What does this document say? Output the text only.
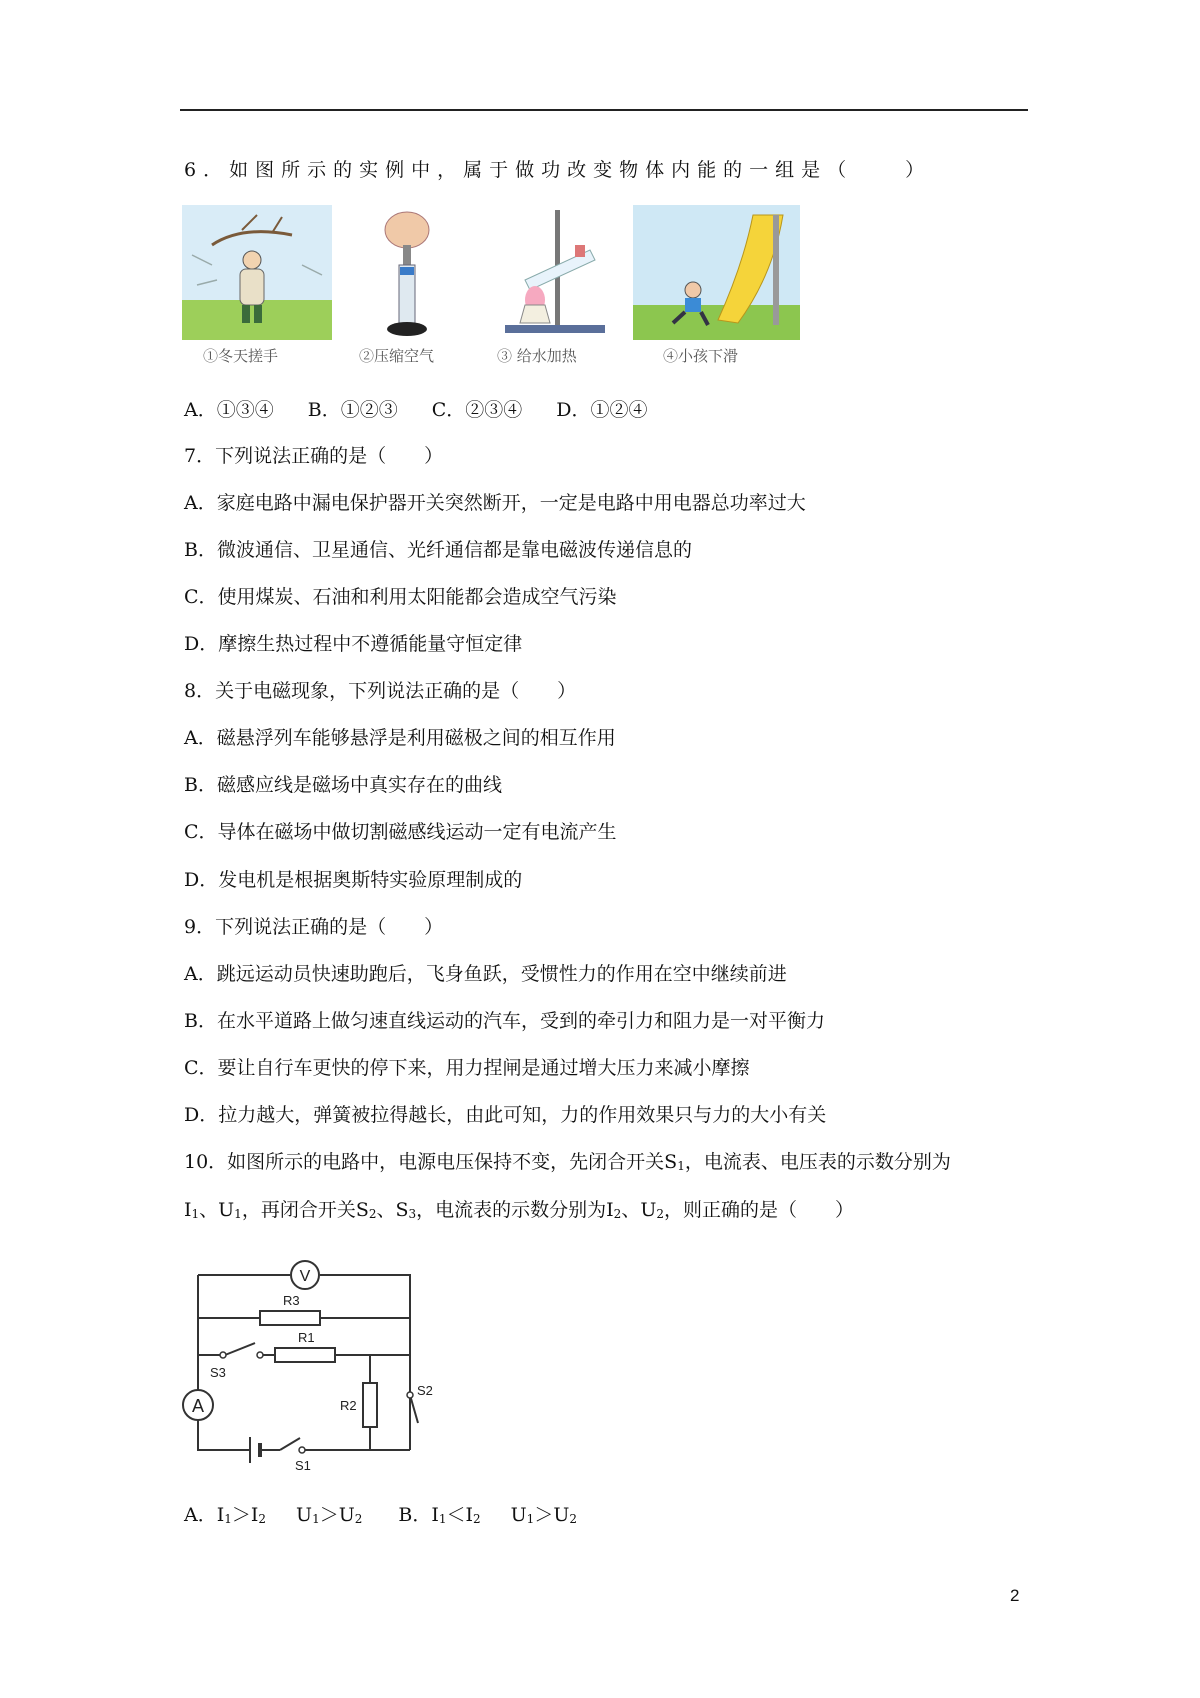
6．如图所示的实例中，属于做功改变物体内能的一组是（　　）
①冬天搓手	②压缩空气	③ 给水加热	④小孩下滑
A．①③④ B．①②③ C．②③④ D．①②④
7．下列说法正确的是（　　）
A．家庭电路中漏电保护器开关突然断开，一定是电路中用电器总功率过大
B．微波通信、卫星通信、光纤通信都是靠电磁波传递信息的
C．使用煤炭、石油和利用太阳能都会造成空气污染
D．摩擦生热过程中不遵循能量守恒定律
8．关于电磁现象，下列说法正确的是（　　）
A．磁悬浮列车能够悬浮是利用磁极之间的相互作用
B．磁感应线是磁场中真实存在的曲线
C．导体在磁场中做切割磁感线运动一定有电流产生
D．发电机是根据奥斯特实验原理制成的
9．下列说法正确的是（　　）
A．跳远运动员快速助跑后，飞身鱼跃，受惯性力的作用在空中继续前进
B．在水平道路上做匀速直线运动的汽车，受到的牵引力和阻力是一对平衡力
C．要让自行车更快的停下来，用力捏闸是通过增大压力来减小摩擦
D．拉力越大，弹簧被拉得越长，由此可知，力的作用效果只与力的大小有关
10．如图所示的电路中，电源电压保持不变，先闭合开关$S_1$，电流表、电压表的示数分别为
$I_1$、$U_1$，再闭合开关$S_2$、$S_3$，电流表的示数分别为$I_2$、$U_2$，则正确的是（　　）
V
R3
S3
R1
A	R2
S2
S1
A．$I_1>I_2$ $U_1>U_2$ B．$I_1<I_2$ $U_1>U_2$
2
